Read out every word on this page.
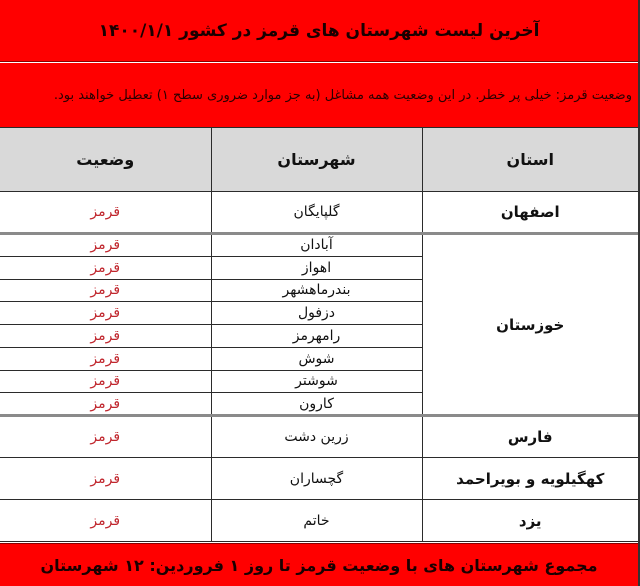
آخرین لیست شهرستان های قرمز در کشور ۱۴۰۰/۱/۱
وضعیت قرمز: خیلی پر خطر. در این وضعیت همه مشاغل (به جز موارد ضروری سطح ۱) تعطیل خواهند بود.
استان	شهرستان	وضعیت
اصفهان	گلپایگان	قرمز
خوزستان	آبادان	قرمز
	اهواز	قرمز
	بندرماهشهر	قرمز
	دزفول	قرمز
	رامهرمز	قرمز
	شوش	قرمز
	شوشتر	قرمز
	کارون	قرمز
فارس	زرین دشت	قرمز
کهگیلویه و بویراحمد	گچساران	قرمز
یزد	خاتم	قرمز
مجموع شهرستان های با وضعیت قرمز تا روز ۱ فروردین: ۱۲ شهرستان
